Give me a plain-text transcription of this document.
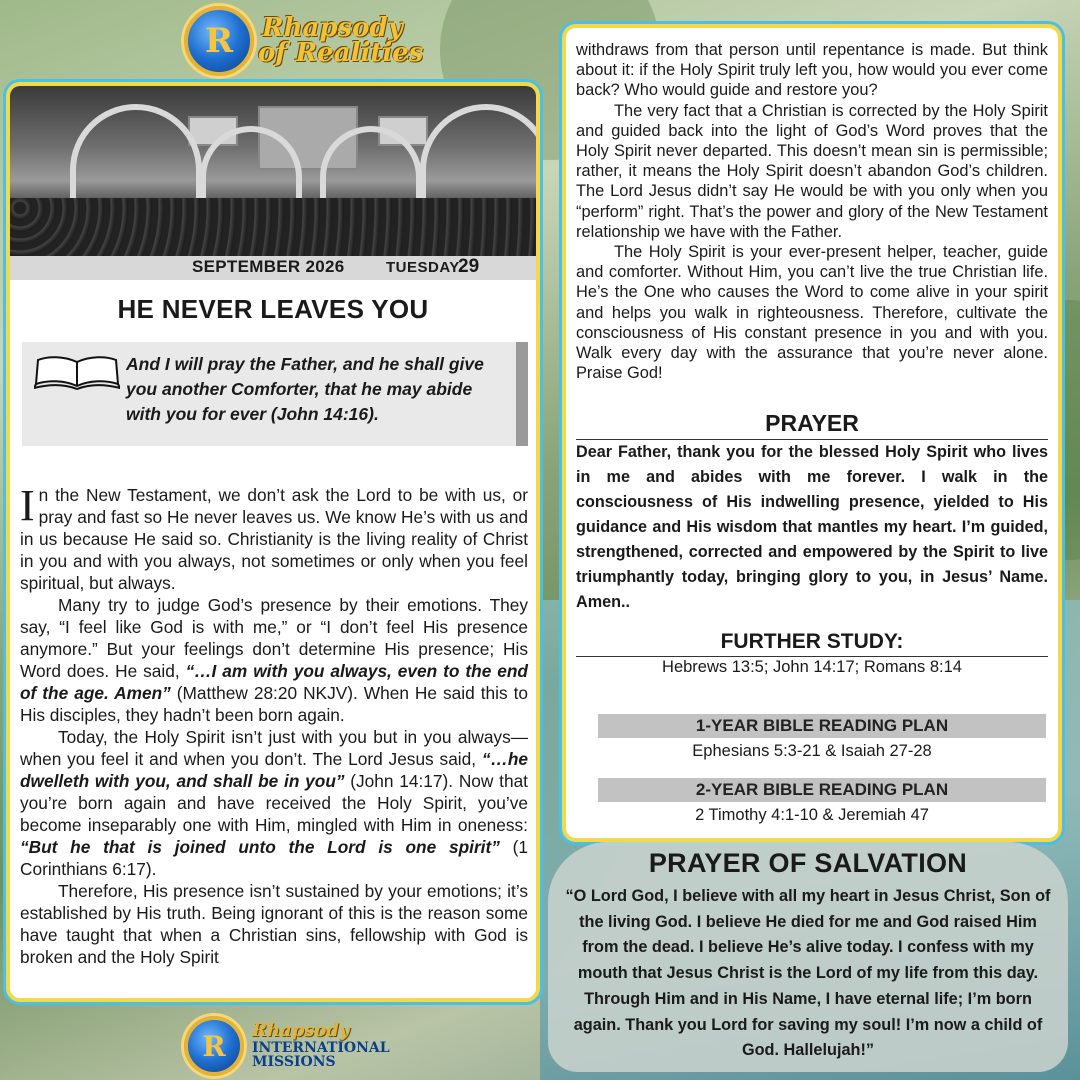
R Rhapsody
of Realities
SEPTEMBER 2026	TUESDAY
29
HE NEVER LEAVES YOU
And I will pray the Father, and he shall give you another Comforter, that he may abide with you for ever (John 14:16).

In the New Testament, we don’t ask the Lord to be with us, or pray and fast so He never leaves us. We know He’s with us and in us because He said so. Christianity is the living reality of Christ in you and with you always, not sometimes or only when you feel spiritual, but always.

Many try to judge God’s presence by their emotions. They say, “I feel like God is with me,” or “I don’t feel His presence anymore.” But your feelings don’t determine His presence; His Word does. He said, “…I am with you always, even to the end of the age. Amen” (Matthew 28:20 NKJV). When He said this to His disciples, they hadn’t been born again.

Today, the Holy Spirit isn’t just with you but in you always—when you feel it and when you don’t. The Lord Jesus said, “…he dwelleth with you, and shall be in you” (John 14:17). Now that you’re born again and have received the Holy Spirit, you’ve become inseparably one with Him, mingled with Him in oneness: “But he that is joined unto the Lord is one spirit” (1 Corinthians 6:17).

Therefore, His presence isn’t sustained by your emotions; it’s established by His truth. Being ignorant of this is the reason some have taught that when a Christian sins, fellowship with God is broken and the Holy Spirit

withdraws from that person until repentance is made. But think about it: if the Holy Spirit truly left you, how would you ever come back? Who would guide and restore you?

The very fact that a Christian is corrected by the Holy Spirit and guided back into the light of God’s Word proves that the Holy Spirit never departed. This doesn’t mean sin is permissible; rather, it means the Holy Spirit doesn’t abandon God’s children. The Lord Jesus didn’t say He would be with you only when you “perform” right. That’s the power and glory of the New Testament relationship we have with the Father.

The Holy Spirit is your ever-present helper, teacher, guide and comforter. Without Him, you can’t live the true Christian life. He’s the One who causes the Word to come alive in your spirit and helps you walk in righteousness. Therefore, cultivate the consciousness of His constant presence in you and with you. Walk every day with the assurance that you’re never alone. Praise God!

PRAYER
Dear Father, thank you for the blessed Holy Spirit who lives in me and abides with me forever. I walk in the consciousness of His indwelling presence, yielded to His guidance and His wisdom that mantles my heart. I’m guided, strengthened, corrected and empowered by the Spirit to live triumphantly today, bringing glory to you, in Jesus’ Name. Amen..
FURTHER STUDY:
Hebrews 13:5; John 14:17; Romans 8:14
1-YEAR BIBLE READING PLAN
Ephesians 5:3-21 & Isaiah 27-28
2-YEAR BIBLE READING PLAN
2 Timothy 4:1-10 & Jeremiah 47
PRAYER OF SALVATION
“O Lord God, I believe with all my heart in Jesus Christ, Son of the living God. I believe He died for me and God raised Him from the dead. I believe He’s alive today. I confess with my mouth that Jesus Christ is the Lord of my life from this day. Through Him and in His Name, I have eternal life; I’m born again. Thank you Lord for saving my soul! I’m now a child of God. Hallelujah!”
R Rhapsody
INTERNATIONAL
MISSIONS
